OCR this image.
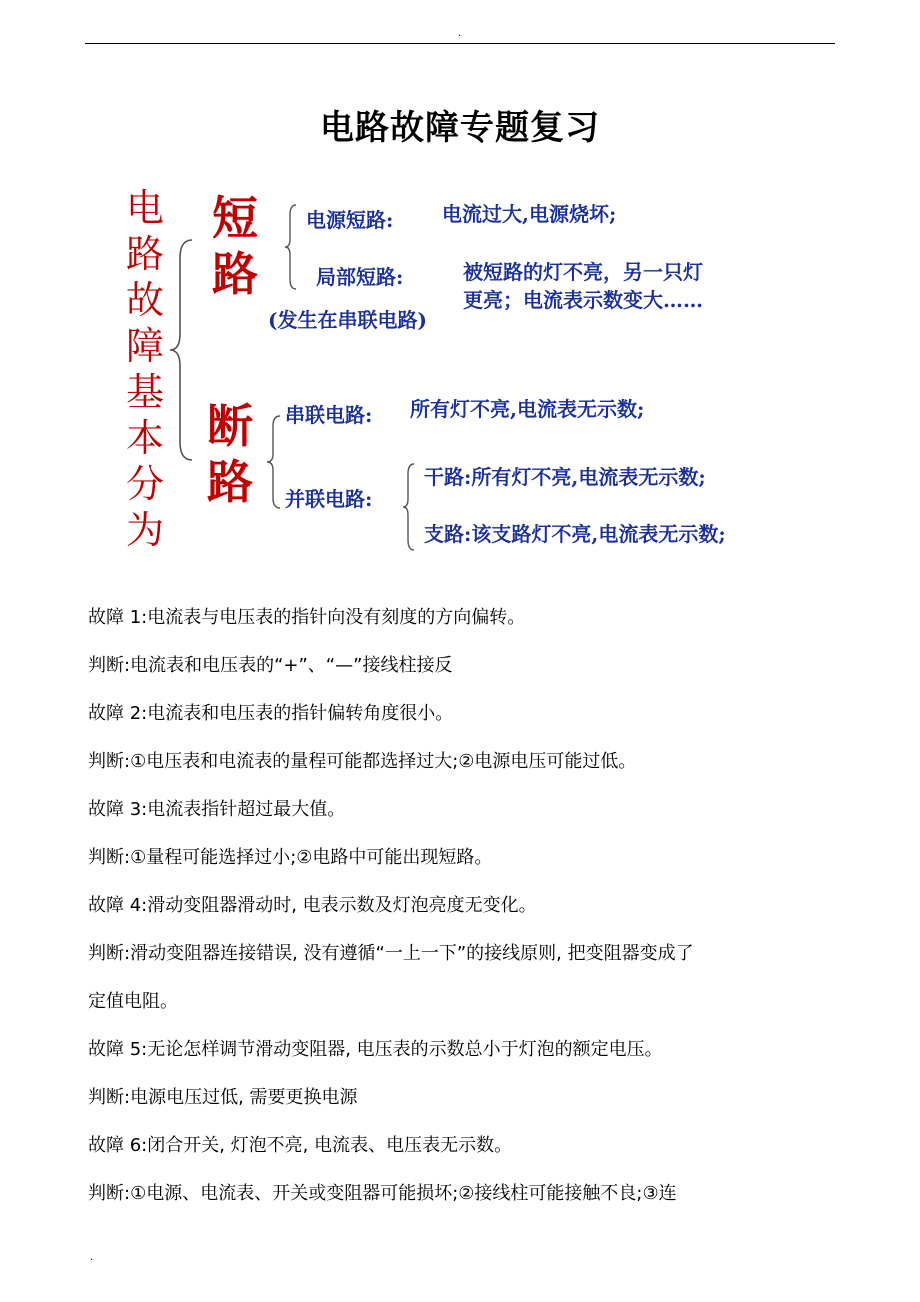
.
电路故障专题复习
电
路
故
障
基
本
分
为
短
路
(发生在串联电路)
电源短路: 电流过大,电源烧坏;
局部短路:	被短路的灯不亮，另一只灯
更亮；电流表示数变大……
断
路
串联电路: 所有灯不亮,电流表无示数;
并联电路:
干路:所有灯不亮,电流表无示数;
支路:该支路灯不亮,电流表无示数;
故障 1:电流表与电压表的指针向没有刻度的方向偏转。
判断:电流表和电压表的“+”、“—”接线柱接反
故障 2:电流表和电压表的指针偏转角度很小。
判断:①电压表和电流表的量程可能都选择过大;②电源电压可能过低。
故障 3:电流表指针超过最大值。
判断:①量程可能选择过小;②电路中可能出现短路。
故障 4:滑动变阻器滑动时, 电表示数及灯泡亮度无变化。
判断:滑动变阻器连接错误, 没有遵循“一上一下”的接线原则, 把变阻器变成了
定值电阻。
故障 5:无论怎样调节滑动变阻器, 电压表的示数总小于灯泡的额定电压。
判断:电源电压过低, 需要更换电源
故障 6:闭合开关, 灯泡不亮, 电流表、电压表无示数。
判断:①电源、电流表、开关或变阻器可能损坏;②接线柱可能接触不良;③连
.
